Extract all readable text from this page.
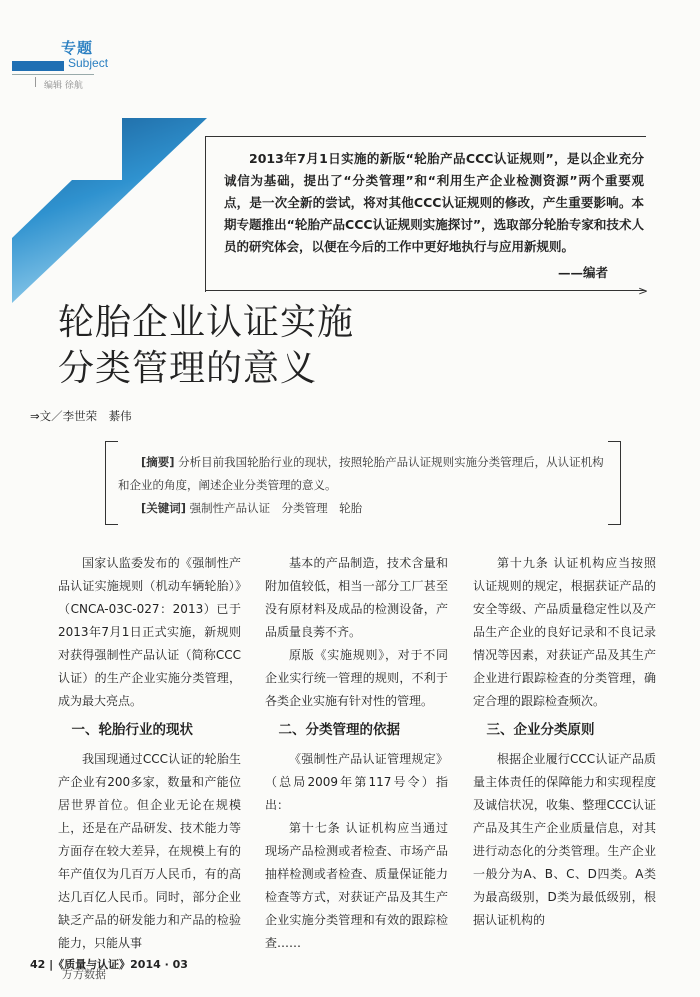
专题
Subject
编辑 徐航
2013年7月1日实施的新版“轮胎产品CCC认证规则”，是以企业充分诚信为基础，提出了“分类管理”和“利用生产企业检测资源”两个重要观点，是一次全新的尝试，将对其他CCC认证规则的修改，产生重要影响。本期专题推出“轮胎产品CCC认证规则实施探讨”，选取部分轮胎专家和技术人员的研究体会，以便在今后的工作中更好地执行与应用新规则。
——编者
>
轮胎企业认证实施
分类管理的意义
⇒文／李世荣　綦伟
[摘要] 分析目前我国轮胎行业的现状，按照轮胎产品认证规则实施分类管理后，从认证机构和企业的角度，阐述企业分类管理的意义。
[关键词] 强制性产品认证　分类管理　轮胎

国家认监委发布的《强制性产品认证实施规则（机动车辆轮胎）》（CNCA-03C-027：2013）已于2013年7月1日正式实施，新规则对获得强制性产品认证（简称CCC认证）的生产企业实施分类管理，成为最大亮点。

一、轮胎行业的现状

我国现通过CCC认证的轮胎生产企业有200多家，数量和产能位居世界首位。但企业无论在规模上，还是在产品研发、技术能力等方面存在较大差异，在规模上有的年产值仅为几百万人民币，有的高达几百亿人民币。同时，部分企业缺乏产品的研发能力和产品的检验能力，只能从事

基本的产品制造，技术含量和附加值较低，相当一部分工厂甚至没有原材料及成品的检测设备，产品质量良莠不齐。

原版《实施规则》，对于不同企业实行统一管理的规则，不利于各类企业实施有针对性的管理。

二、分类管理的依据

《强制性产品认证管理规定》（总局2009年第117号令）指出：

第十七条 认证机构应当通过现场产品检测或者检查、市场产品抽样检测或者检查、质量保证能力检查等方式，对获证产品及其生产企业实施分类管理和有效的跟踪检查……

第十九条 认证机构应当按照认证规则的规定，根据获证产品的安全等级、产品质量稳定性以及产品生产企业的良好记录和不良记录情况等因素，对获证产品及其生产企业进行跟踪检查的分类管理，确定合理的跟踪检查频次。

三、企业分类原则

根据企业履行CCC认证产品质量主体责任的保障能力和实现程度及诚信状况，收集、整理CCC认证产品及其生产企业质量信息，对其进行动态化的分类管理。生产企业一般分为A、B、C、D四类。A类为最高级别，D类为最低级别，根据认证机构的

42 |《质量与认证》2014 · 03
万方数据
